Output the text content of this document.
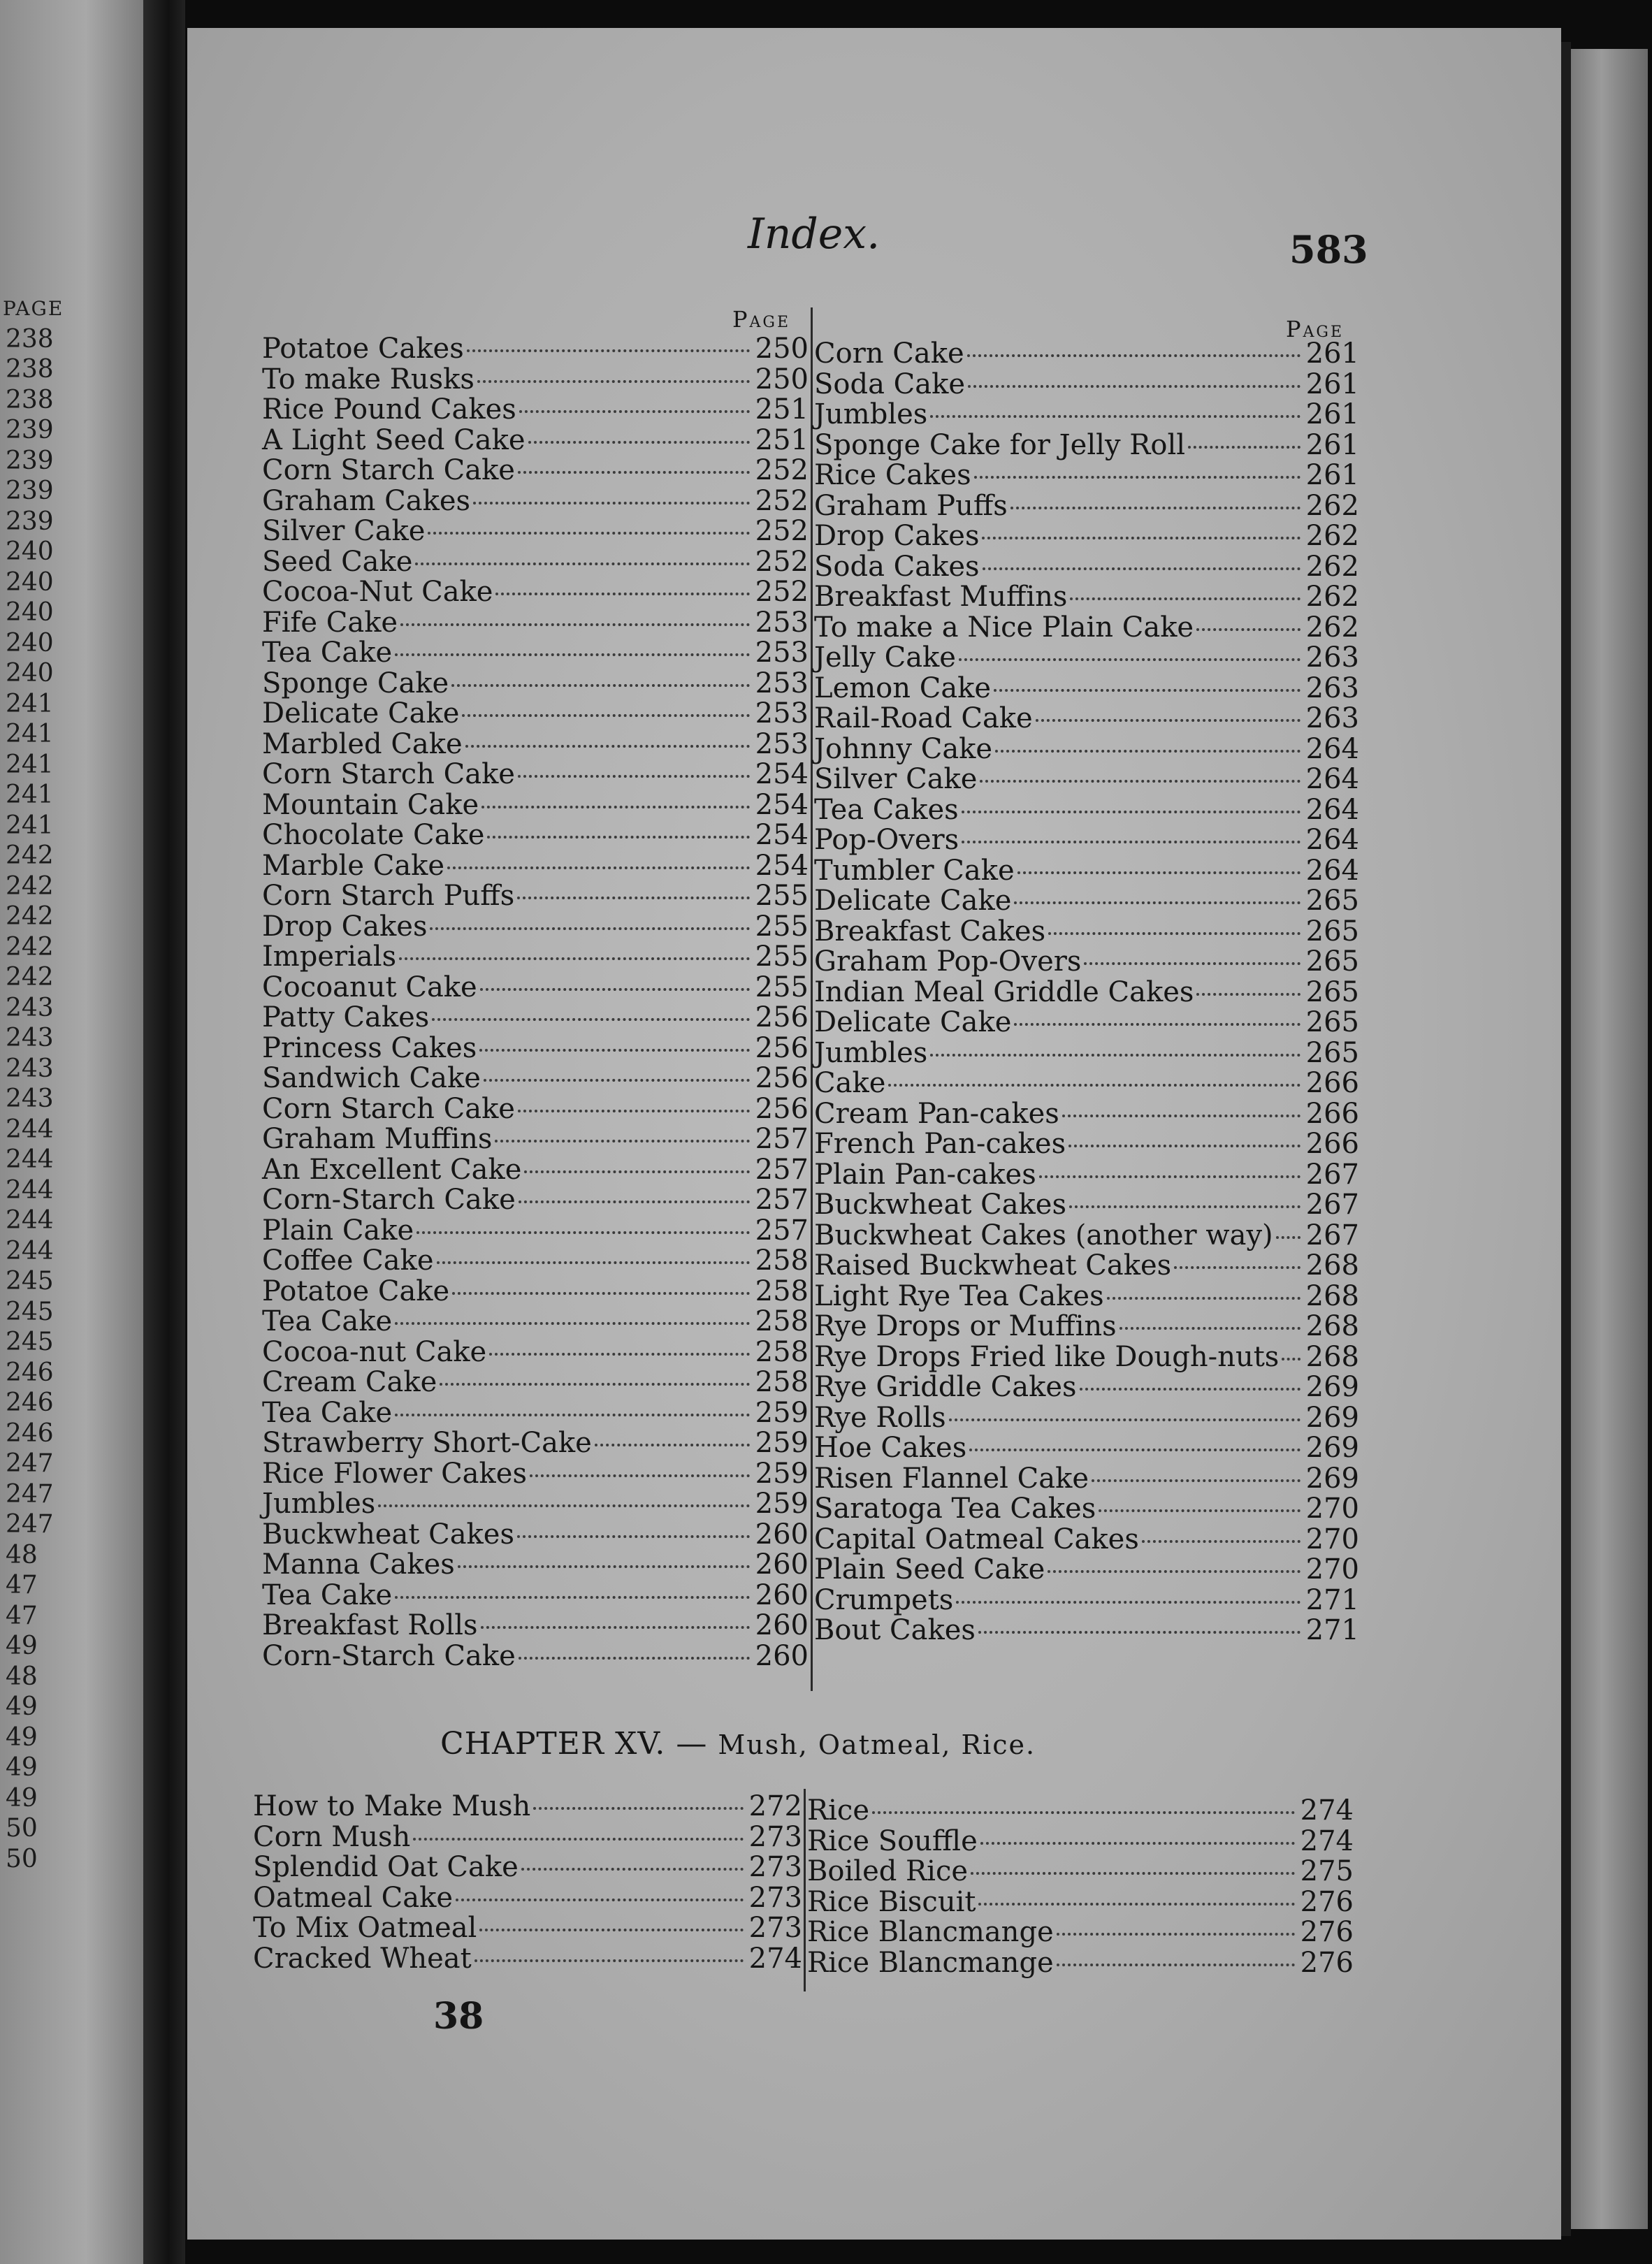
PAGE
238
238
238
239
239
239
239
240
240
240
240
240
241
241
241
241
241
242
242
242
242
242
243
243
243
243
244
244
244
244
244
245
245
245
246
246
246
247
247
247
48
47
47
49
48
49
49
49
49
50
50
Index.	583
Page	Page
Potatoe Cakes	250
To make Rusks	250
Rice Pound Cakes	251
A Light Seed Cake	251
Corn Starch Cake	252
Graham Cakes	252
Silver Cake	252
Seed Cake	252
Cocoa-Nut Cake	252
Fife Cake	253
Tea Cake	253
Sponge Cake	253
Delicate Cake	253
Marbled Cake	253
Corn Starch Cake	254
Mountain Cake	254
Chocolate Cake	254
Marble Cake	254
Corn Starch Puffs	255
Drop Cakes	255
Imperials	255
Cocoanut Cake	255
Patty Cakes	256
Princess Cakes	256
Sandwich Cake	256
Corn Starch Cake	256
Graham Muffins	257
An Excellent Cake	257
Corn-Starch Cake	257
Plain Cake	257
Coffee Cake	258
Potatoe Cake	258
Tea Cake	258
Cocoa-nut Cake	258
Cream Cake	258
Tea Cake	259
Strawberry Short-Cake	259
Rice Flower Cakes	259
Jumbles	259
Buckwheat Cakes	260
Manna Cakes	260
Tea Cake	260
Breakfast Rolls	260
Corn-Starch Cake	260
Corn Cake	261
Soda Cake	261
Jumbles	261
Sponge Cake for Jelly Roll	261
Rice Cakes	261
Graham Puffs	262
Drop Cakes	262
Soda Cakes	262
Breakfast Muffins	262
To make a Nice Plain Cake	262
Jelly Cake	263
Lemon Cake	263
Rail-Road Cake	263
Johnny Cake	264
Silver Cake	264
Tea Cakes	264
Pop-Overs	264
Tumbler Cake	264
Delicate Cake	265
Breakfast Cakes	265
Graham Pop-Overs	265
Indian Meal Griddle Cakes	265
Delicate Cake	265
Jumbles	265
Cake	266
Cream Pan-cakes	266
French Pan-cakes	266
Plain Pan-cakes	267
Buckwheat Cakes	267
Buckwheat Cakes (another way) 267
Raised Buckwheat Cakes	268
Light Rye Tea Cakes	268
Rye Drops or Muffins	268
Rye Drops Fried like Dough-nuts 268
Rye Griddle Cakes	269
Rye Rolls	269
Hoe Cakes	269
Risen Flannel Cake	269
Saratoga Tea Cakes	270
Capital Oatmeal Cakes	270
Plain Seed Cake	270
Crumpets	271
Bout Cakes	271
CHAPTER XV. — Mush, Oatmeal, Rice.
How to Make Mush	272
Corn Mush	273
Splendid Oat Cake	273
Oatmeal Cake	273
To Mix Oatmeal	273
Cracked Wheat	274
Rice	274
Rice Souffle	274
Boiled Rice	275
Rice Biscuit	276
Rice Blancmange	276
Rice Blancmange	276
38
